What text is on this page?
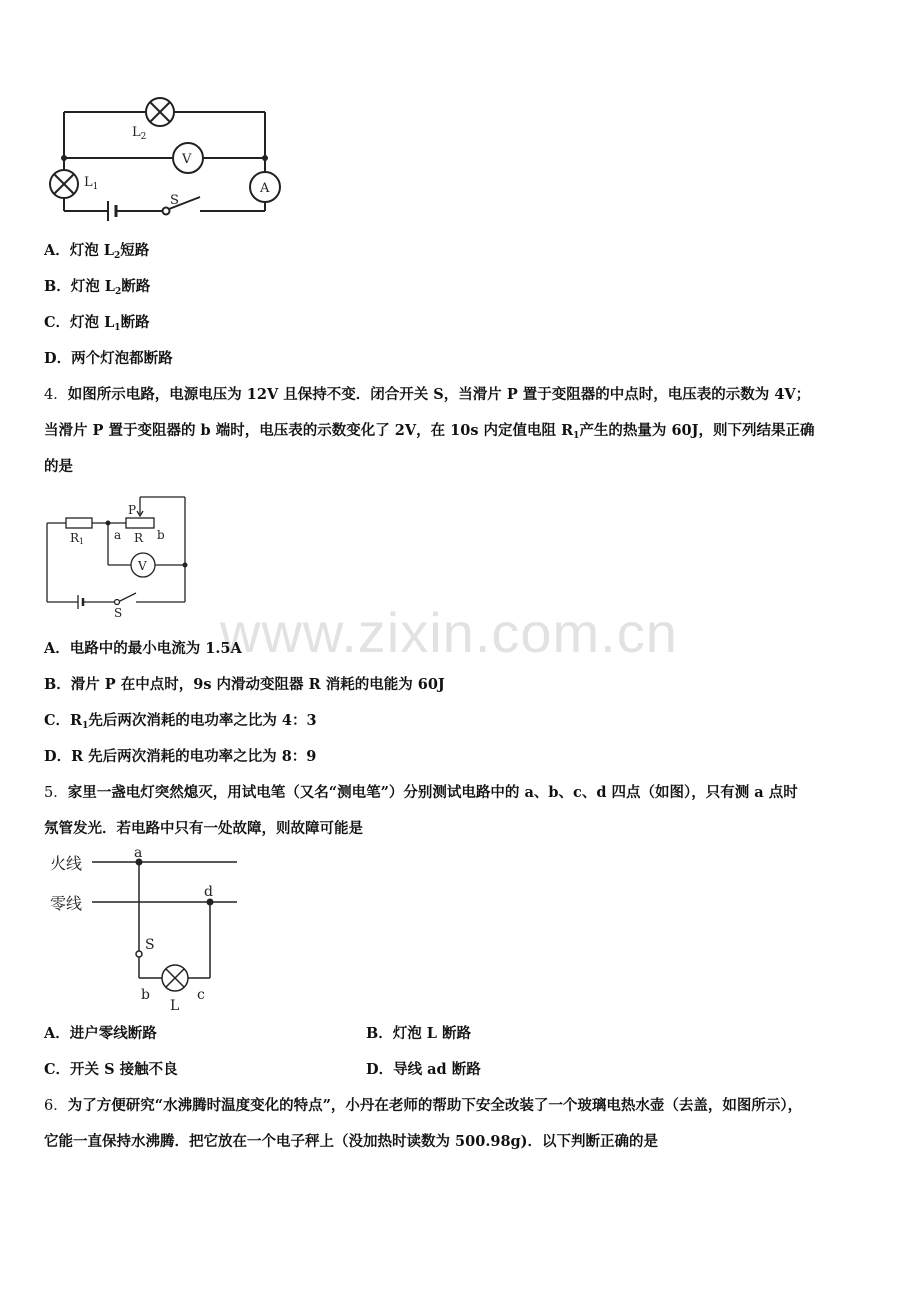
$L_2$
V
$L_1$	A
S
A．灯泡 $L_2$短路
B．灯泡 $L_2$断路
C．灯泡 $L_1$断路
D．两个灯泡都断路
4．如图所示电路，电源电压为 12V 且保持不变．闭合开关 S，当滑片 P 置于变阻器的中点时，电压表的示数为 4V；
当滑片 P 置于变阻器的 b 端时，电压表的示数变化了 2V，在 10s 内定值电阻 $R_1$产生的热量为 60J，则下列结果正确
的是
P
R1 a R b
V
S www.zixin.com.cn
A．电路中的最小电流为 1.5A
B．滑片 P 在中点时，9s 内滑动变阻器 R 消耗的电能为 60J
C．$R_1$先后两次消耗的电功率之比为 4：3
D．R 先后两次消耗的电功率之比为 8：9
5．家里一盏电灯突然熄灭，用试电笔（又名“测电笔”）分别测试电路中的 a、b、c、d 四点（如图），只有测 a 点时
氖管发光．若电路中只有一处故障，则故障可能是
火线
零线
a
d
S
b
L
c
A．进户零线断路	B．灯泡 L 断路
C．开关 S 接触不良	D．导线 ad 断路
6．为了方便研究“水沸腾时温度变化的特点”，小丹在老师的帮助下安全改装了一个玻璃电热水壶（去盖，如图所示），
它能一直保持水沸腾．把它放在一个电子秤上（没加热时读数为 500.98g)．以下判断正确的是
